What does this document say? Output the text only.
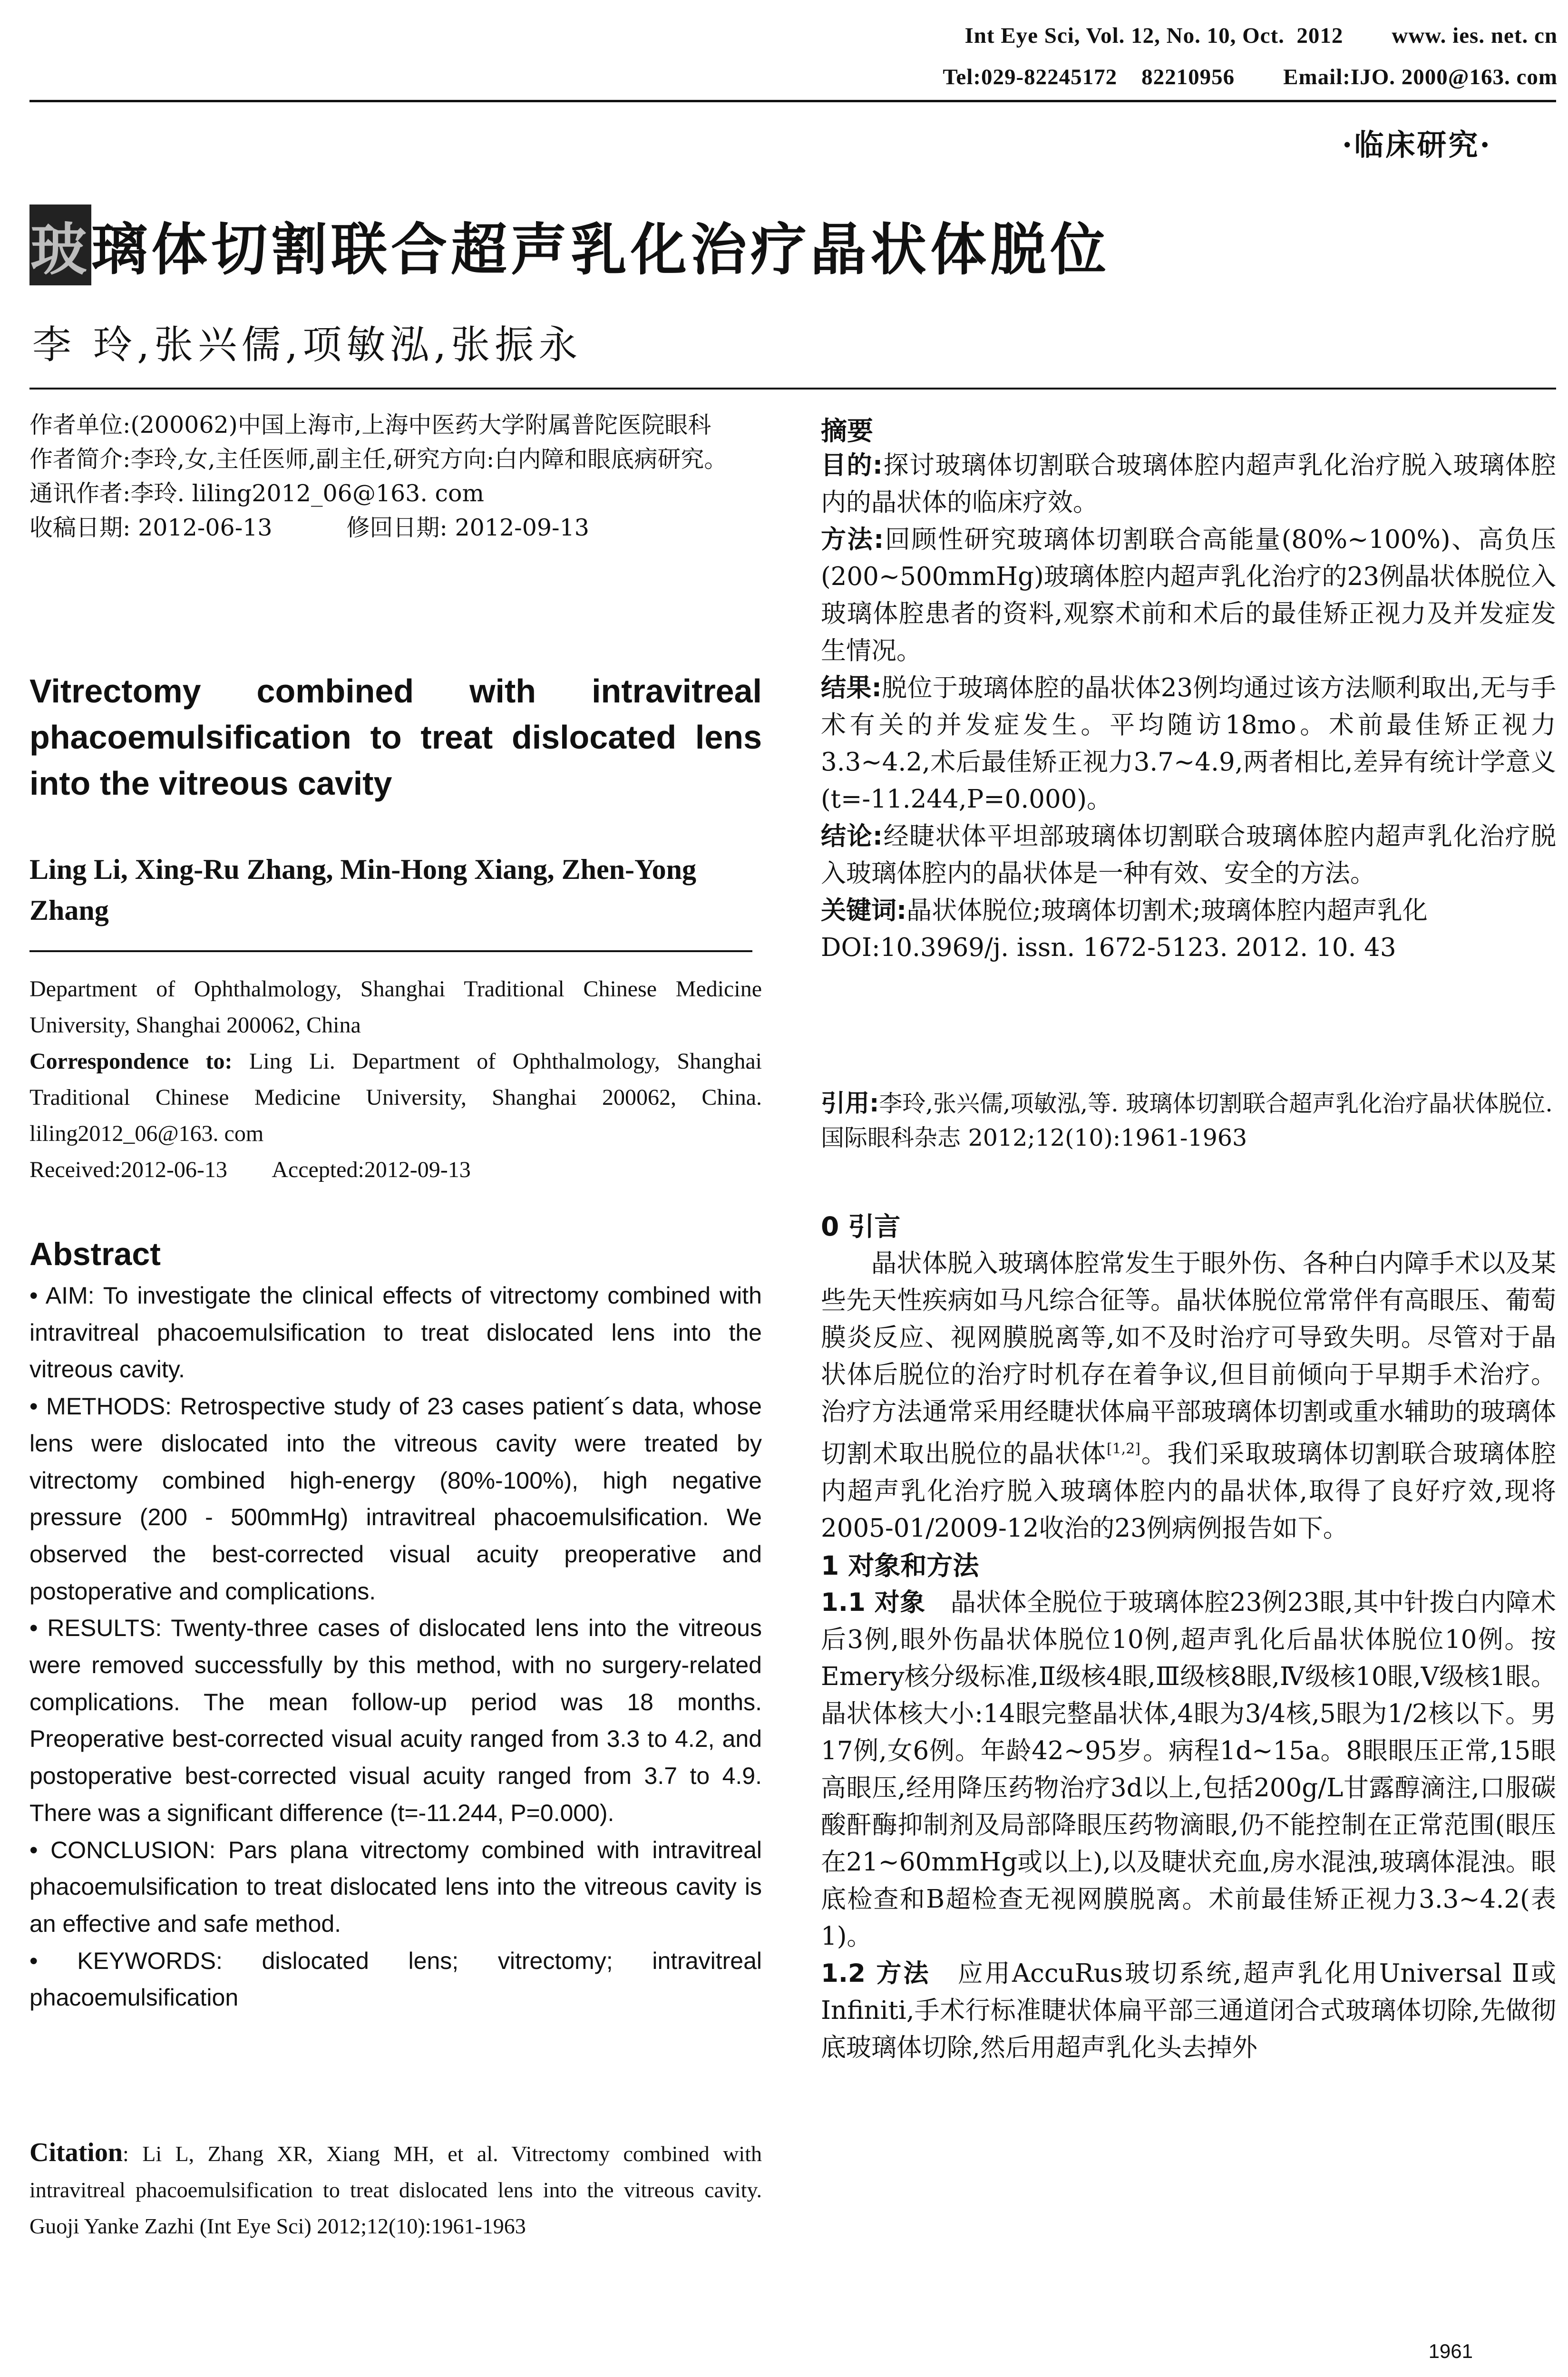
Int Eye Sci, Vol. 12, No. 10, Oct.  2012        www. ies. net. cn
Tel:029-82245172    82210956        Email:IJO. 2000@163. com
·临床研究·
玻璃体切割联合超声乳化治疗晶状体脱位
李 玲,张兴儒,项敏泓,张振永
作者单位:(200062)中国上海市,上海中医药大学附属普陀医院眼科
作者简介:李玲,女,主任医师,副主任,研究方向:白内障和眼底病研究。
通讯作者:李玲. liling2012_06@163. com
收稿日期: 2012-06-13          修回日期: 2012-09-13
Vitrectomy combined with intravitreal phacoemulsification to treat dislocated lens into the vitreous cavity
Ling Li, Xing-Ru Zhang, Min-Hong Xiang, Zhen-Yong Zhang
Department of Ophthalmology, Shanghai Traditional Chinese Medicine University, Shanghai 200062, China
Correspondence to: Ling Li. Department of Ophthalmology, Shanghai Traditional Chinese Medicine University, Shanghai 200062, China. liling2012_06@163. com
Received:2012-06-13        Accepted:2012-09-13
Abstract

• AIM: To investigate the clinical effects of vitrectomy combined with intravitreal phacoemulsification to treat dislocated lens into the vitreous cavity.

• METHODS: Retrospective study of 23 cases patient´s data, whose lens were dislocated into the vitreous cavity were treated by vitrectomy combined high-energy (80%-100%), high negative pressure (200 - 500mmHg) intravitreal phacoemulsification. We observed the best-corrected visual acuity preoperative and postoperative and complications.

• RESULTS: Twenty-three cases of dislocated lens into the vitreous were removed successfully by this method, with no surgery-related complications. The mean follow-up period was 18 months. Preoperative best-corrected visual acuity ranged from 3.3 to 4.2, and postoperative best-corrected visual acuity ranged from 3.7 to 4.9. There was a significant difference (t=-11.244, P=0.000).

• CONCLUSION: Pars plana vitrectomy combined with intravitreal phacoemulsification to treat dislocated lens into the vitreous cavity is an effective and safe method.

• KEYWORDS: dislocated lens; vitrectomy; intravitreal phacoemulsification

Citation: Li L, Zhang XR, Xiang MH, et al. Vitrectomy combined with intravitreal phacoemulsification to treat dislocated lens into the vitreous cavity. Guoji Yanke Zazhi (Int Eye Sci) 2012;12(10):1961-1963
摘要

目的:探讨玻璃体切割联合玻璃体腔内超声乳化治疗脱入玻璃体腔内的晶状体的临床疗效。

方法:回顾性研究玻璃体切割联合高能量(80%~100%)、高负压(200~500mmHg)玻璃体腔内超声乳化治疗的23例晶状体脱位入玻璃体腔患者的资料,观察术前和术后的最佳矫正视力及并发症发生情况。

结果:脱位于玻璃体腔的晶状体23例均通过该方法顺利取出,无与手术有关的并发症发生。平均随访18mo。术前最佳矫正视力3.3~4.2,术后最佳矫正视力3.7~4.9,两者相比,差异有统计学意义(t=-11.244,P=0.000)。

结论:经睫状体平坦部玻璃体切割联合玻璃体腔内超声乳化治疗脱入玻璃体腔内的晶状体是一种有效、安全的方法。

关键词:晶状体脱位;玻璃体切割术;玻璃体腔内超声乳化

DOI:10.3969/j. issn. 1672-5123. 2012. 10. 43

引用:李玲,张兴儒,项敏泓,等. 玻璃体切割联合超声乳化治疗晶状体脱位. 国际眼科杂志 2012;12(10):1961-1963

0 引言

晶状体脱入玻璃体腔常发生于眼外伤、各种白内障手术以及某些先天性疾病如马凡综合征等。晶状体脱位常常伴有高眼压、葡萄膜炎反应、视网膜脱离等,如不及时治疗可导致失明。尽管对于晶状体后脱位的治疗时机存在着争议,但目前倾向于早期手术治疗。治疗方法通常采用经睫状体扁平部玻璃体切割或重水辅助的玻璃体切割术取出脱位的晶状体[1,2]。我们采取玻璃体切割联合玻璃体腔内超声乳化治疗脱入玻璃体腔内的晶状体,取得了良好疗效,现将2005-01/2009-12收治的23例病例报告如下。

1 对象和方法

1.1 对象  晶状体全脱位于玻璃体腔23例23眼,其中针拨白内障术后3例,眼外伤晶状体脱位10例,超声乳化后晶状体脱位10例。按Emery核分级标准,Ⅱ级核4眼,Ⅲ级核8眼,Ⅳ级核10眼,Ⅴ级核1眼。晶状体核大小:14眼完整晶状体,4眼为3/4核,5眼为1/2核以下。男17例,女6例。年龄42~95岁。病程1d~15a。8眼眼压正常,15眼高眼压,经用降压药物治疗3d以上,包括200g/L甘露醇滴注,口服碳酸酐酶抑制剂及局部降眼压药物滴眼,仍不能控制在正常范围(眼压在21~60mmHg或以上),以及睫状充血,房水混浊,玻璃体混浊。眼底检查和B超检查无视网膜脱离。术前最佳矫正视力3.3~4.2(表1)。

1.2 方法  应用AccuRus玻切系统,超声乳化用Universal Ⅱ或Infiniti,手术行标准睫状体扁平部三通道闭合式玻璃体切除,先做彻底玻璃体切除,然后用超声乳化头去掉外

1961
